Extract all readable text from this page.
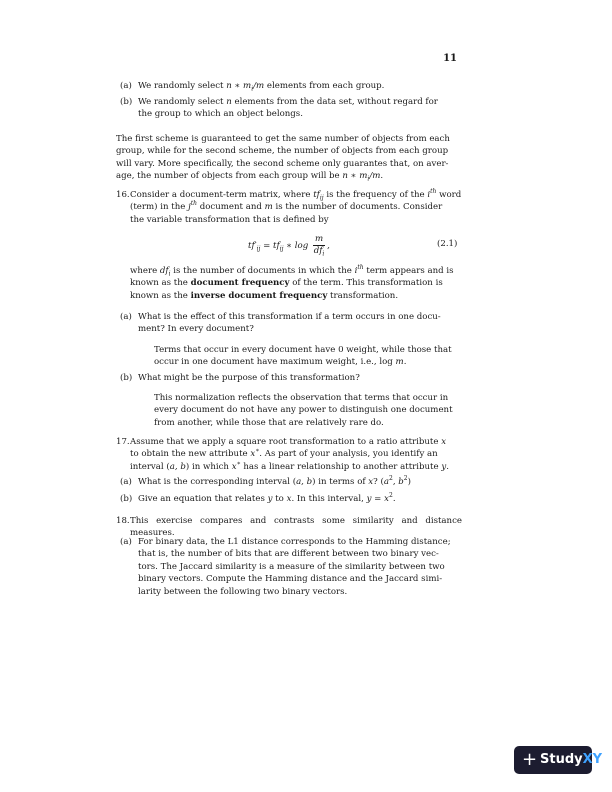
11
(a) We randomly select n ∗ $m_i/m$ elements from each group.
(b) We randomly select n elements from the data set, without regard for
the group to which an object belongs.
The first scheme is guaranteed to get the same number of objects from each
group, while for the second scheme, the number of objects from each group
will vary. More specifically, the second scheme only guarantes that, on aver-
age, the number of objects from each group will be n ∗ $m_i/m$.
16. Consider a document-term matrix, where $tf_{ij}$ is the frequency of the $i^{th}$ word
(term) in the $j^{th}$ document and m is the number of documents. Consider
the variable transformation that is defined by
$tf'_{ij} = tf_{ij}$ ∗ $\log \frac{m}{df_i}$ ,	(2.1)
where $df_i$ is the number of documents in which the $i^{th}$ term appears and is
known as the document frequency of the term. This transformation is
known as the inverse document frequency transformation.
(a) What is the effect of this transformation if a term occurs in one docu-
ment? In every document?
Terms that occur in every document have 0 weight, while those that
occur in one document have maximum weight, i.e., log m.
(b) What might be the purpose of this transformation?
This normalization reflects the observation that terms that occur in
every document do not have any power to distinguish one document
from another, while those that are relatively rare do.
17. Assume that we apply a square root transformation to a ratio attribute x
to obtain the new attribute x∗. As part of your analysis, you identify an
interval (a, b) in which x∗ has a linear relationship to another attribute y.
(a) What is the corresponding interval (a, b) in terms of x? ($a^2$, $b^2$)
(b) Give an equation that relates y to x. In this interval, $y = x^2$.
18. This exercise compares and contrasts some similarity and distance measures.
(a) For binary data, the L1 distance corresponds to the Hamming distance;
that is, the number of bits that are different between two binary vec-
tors. The Jaccard similarity is a measure of the similarity between two
binary vectors. Compute the Hamming distance and the Jaccard simi-
larity between the following two binary vectors.
+ StudyXY
